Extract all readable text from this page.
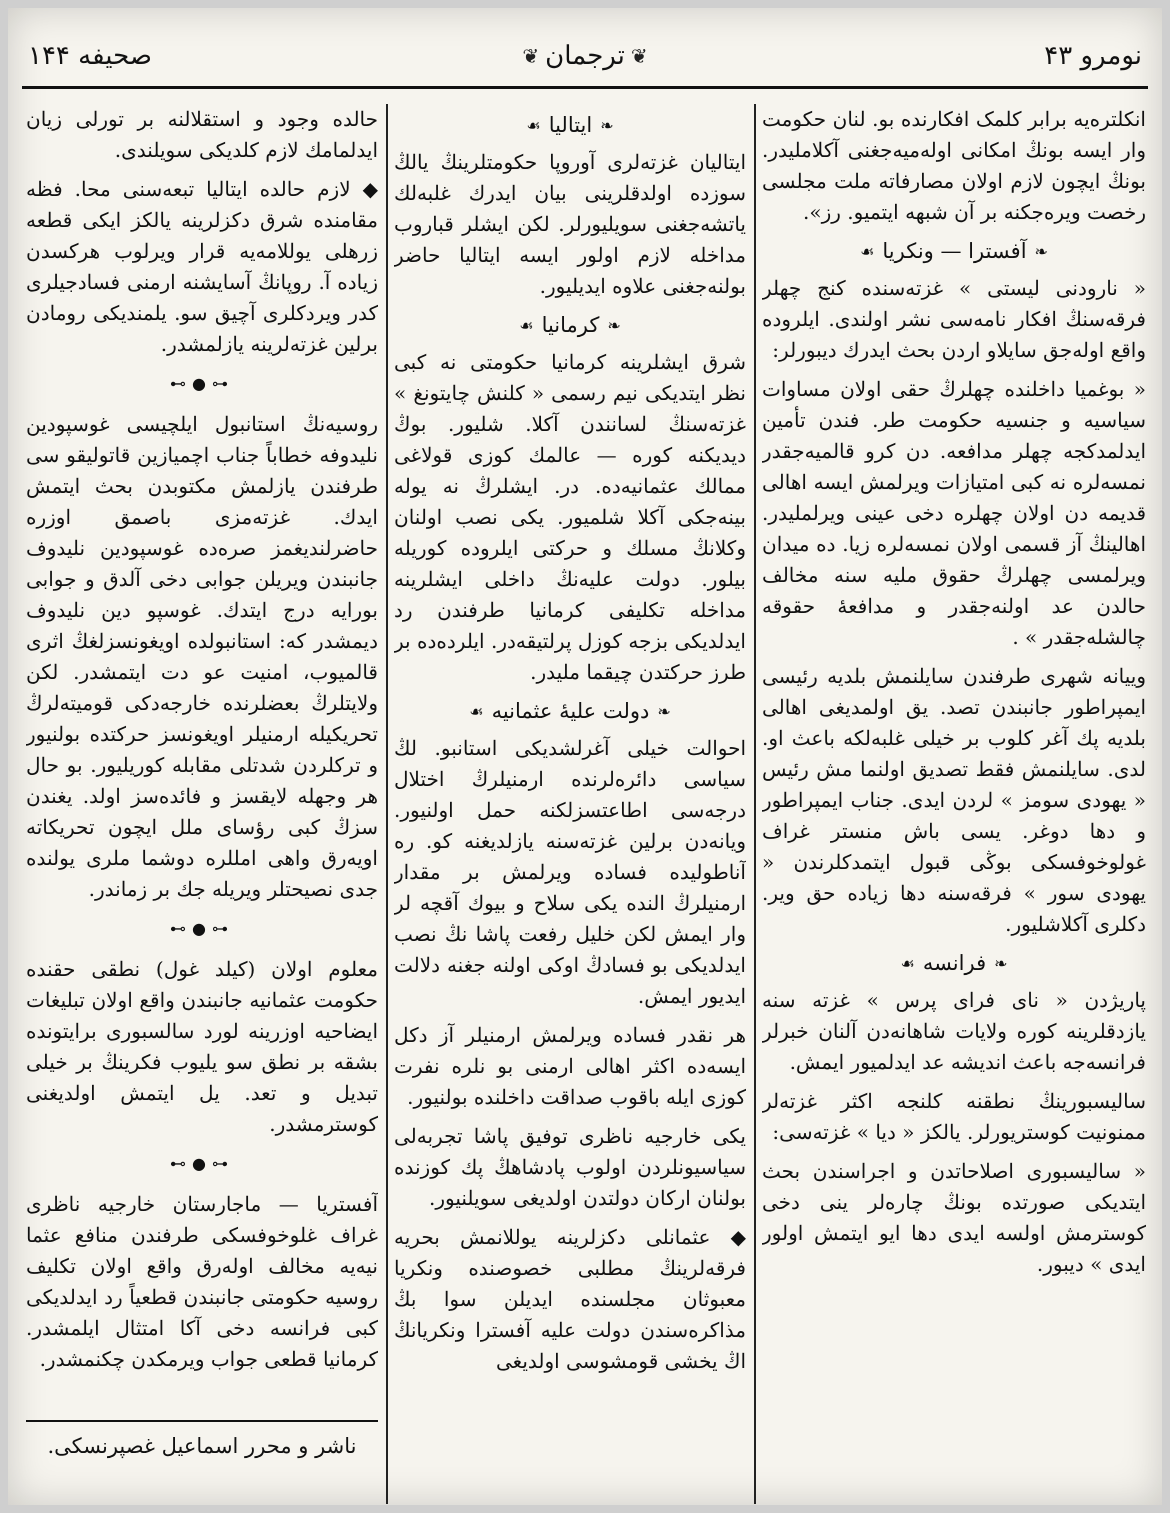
نومرو ۴۳
❦
ترجمان
❦
صحیفه ۱۴۴

انکلتره‌یه برابر کلمک افکارنده بو. لنان حکومت وار ایسه بونڭ امکانی اوله‌میه‌جغنی آکلاملیدر. بونڭ ایچون لازم اولان مصارفاته ملت مجلسی رخصت ویره‌جکنه بر آن شبهه ایتمیو. رز».

❧
آفسترا — ونکریا
☙

« نارودنی لیستی » غزته‌سنده کنج چهلر فرقه‌سنڭ افکار نامه‌سی نشر اولندی. ایلروده واقع اوله‌جق سایلاو اردن بحث ایدرك دیبورلر:

« بوغمیا داخلنده چهلرڭ حقی اولان مساوات سیاسیه و جنسیه حکومت طر. فندن تأمین ایدلمدکجه چهلر مدافعه. دن کرو قالمیه‌جقدر نمسه‌لره نه کبی امتیازات ویرلمش ایسه اهالی قدیمه دن اولان چهلره دخی عینی ویرلملیدر. اهالینڭ آز قسمی اولان نمسه‌لره زیا. ده میدان ویرلمسی چهلرڭ حقوق ملیه سنه مخالف حالدن عد اولنه‌جقدر و مدافعهٔ حقوقه چالشله‌جقدر » .

وییانه شهری طرفندن سایلنمش بلدیه رئیسی ایمپراطور جانبندن تصد. یق اولمدیغی اهالی بلدیه پك آغر کلوب بر خیلی غلبه‌لکه باعث او. لدی. سایلنمش فقط تصدیق اولنما مش رئیس « یهودی سومز » لردن ایدی. جناب ایمپراطور و دها دوغر. یسی باش منستر غراف غولوخوفسکی بوڭی قبول ایتمدکلرندن « یهودی سور » فرقه‌سنه دها زیاده حق ویر. دکلری آکلاشلیور.

❧
فرانسه
☙

پاریژدن « نای فرای پرس » غزته سنه یازدقلرینه کوره ولایات شاهانه‌دن آلنان خبرلر فرانسه‌جه باعث اندیشه عد ایدلمیور ایمش.

سالیسبورینڭ نطقنه کلنجه اکثر غزته‌لر ممنونیت کوستریورلر. یالکز « دیا » غزته‌سی:

« سالیسبوری اصلاحاتدن و اجراسندن بحث ایتدیکی صورتده بونڭ چاره‌لر ینی دخی کوسترمش اولسه ایدی دها ایو ایتمش اولور ایدی » دیبور.

❧
ایتالیا
☙

ایتالیان غزته‌لری آوروپا حکومتلرینڭ یالڭ سوزده اولدقلرینی بیان ایدرك غلبه‌لك یاتشه‌جغنی سویلیورلر. لکن ایشلر قباروب مداخله لازم اولور ایسه ایتالیا حاضر بولنه‌جغنی علاوه ایدیلیور.

❧
کرمانیا
☙

شرق ایشلرینه کرمانیا حکومتی نه کبی نظر ایتدیکی نیم رسمی « کلنش چایتونغ » غزته‌سنڭ لسانندن آکلا. شلیور. بوڭ دیدیکنه کوره — عالمك کوزی قولاغی ممالك عثمانیه‌ده. در. ایشلرڭ نه یوله بینه‌جکی آکلا شلمیور. یکی نصب اولنان وکلانڭ مسلك و حرکتی ایلروده کوریله بیلور. دولت علیه‌نڭ داخلی ایشلرینه مداخله تکلیفی کرمانیا طرفندن رد ایدلدیکی بزجه کوزل پرلتیقه‌در. ایلرده‌ده بر طرز حرکتدن چیقما ملیدر.

❧
دولت علیهٔ عثمانیه
☙

احوالت خیلی آغرلشدیکی استانبو. لڭ سیاسی دائره‌لرنده ارمنیلرڭ اختلال درجه‌سی اطاعتسزلکنه حمل اولنیور. ویانه‌دن برلین غزته‌سنه یازلدیغنه کو. ره آناطولیده فساده ویرلمش بر مقدار ارمنیلرڭ النده یکی سلاح و بیوك آقچه لر وار ایمش لکن خلیل رفعت پاشا نڭ نصب ایدلدیکی بو فسادڭ اوکی اولنه جغنه دلالت ایدیور ایمش.

هر نقدر فساده ویرلمش ارمنیلر آز دکل ایسه‌ده اکثر اهالی ارمنی بو نلره نفرت کوزی ایله باقوب صداقت داخلنده بولنیور.

یکی خارجیه ناظری توفیق پاشا تجربه‌لی سیاسیونلردن اولوب پادشاهڭ پك کوزنده بولنان ارکان دولتدن اولدیغی سویلنیور.

◆ عثمانلی دکزلرینه یوللانمش بحریه فرقه‌لرینڭ مطلبی خصوصنده ونکریا معبوثان مجلسنده ایدیلن سوا بڭ مذاکره‌سندن دولت علیه آفسترا ونکریانڭ اڭ یخشی قومشوسی اولدیغی

حالده وجود و استقلالنه بر تورلی زیان ایدلمامك لازم کلدیکی سویلندی.

◆ لازم حالده ایتالیا تبعه‌سنی محا. فظه مقامنده شرق دکزلرینه یالکز ایکی قطعه زرهلی یوللامه‌یه قرار ویرلوب هرکسدن زیاده آ. روپانڭ آسایشنه ارمنی فسادجیلری کدر ویردکلری آچیق سو. یلمندیکی رومادن برلین غزته‌لرینه یازلمشدر.

⊷●⊶

روسیه‌نڭ استانبول ایلچیسی غوسپودین نلیدوفه خطاباً جناب اچمیازین قاتولیقو سی طرفندن یازلمش مکتوبدن بحث ایتمش ایدك. غزته‌مزی باصمق اوزره حاضرلندیغمز صره‌ده غوسپودین نلیدوف جانبندن ویریلن جوابی دخی آلدق و جوابی بورایه درج ایتدك. غوسپو دین نلیدوف دیمشدر که: استانبولده اویغونسزلغڭ اثری قالمیوب، امنیت عو دت ایتمشدر. لکن ولایتلرڭ بعضلرنده خارجه‌دکی قومیته‌لرڭ تحریکیله ارمنیلر اویغونسز حرکتده بولنیور و ترکلردن شدتلی مقابله کوریلیور. بو حال هر وجهله لایقسز و فائده‌سز اولد. یغندن سزڭ کبی رؤسای ملل ایچون تحریکاته اویه‌رق واهی امللره دوشما ملری یولنده جدی نصیحتلر ویریله جك بر زماندر.

⊷●⊶

معلوم اولان (کیلد غول) نطقی حقنده حکومت عثمانیه جانبندن واقع اولان تبلیغات ایضاحیه اوزرینه لورد سالسبوری برایتونده بشقه بر نطق سو یلیوب فکرینڭ بر خیلی تبدیل و تعد. یل ایتمش اولدیغنی کوسترمشدر.

⊷●⊶

آفستریا — ماجارستان خارجیه ناظری غراف غلوخوفسکی طرفندن منافع عثما نیه‌یه مخالف اوله‌رق واقع اولان تکلیف روسیه حکومتی جانبندن قطعیاً رد ایدلدیکی کبی فرانسه دخی آکا امتثال ایلمشدر. کرمانیا قطعی جواب ویرمکدن چکنمشدر.

ناشر و محرر اسماعیل غصپرنسکی.
